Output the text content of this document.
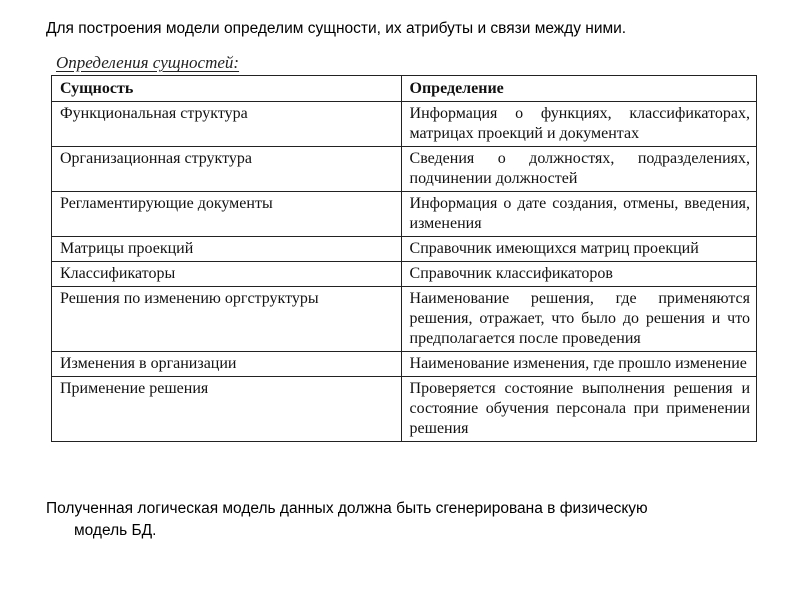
Для построения модели определим сущности, их атрибуты и связи между ними.
Определения сущностей:
Сущность	Определение
Функциональная структура	Информация о функциях, классификаторах, матрицах проекций и документах
Организационная структура	Сведения о должностях, подразделениях, подчинении должностей
Регламентирующие документы	Информация о дате создания, отмены, введения, изменения
Матрицы проекций	Справочник имеющихся матриц проекций
Классификаторы	Справочник классификаторов
Решения по изменению оргструктуры	Наименование решения, где применяются решения, отражает, что было до решения и что предполагается после проведения
Изменения в организации	Наименование изменения, где прошло изменение
Применение решения	Проверяется состояние выполнения решения и состояние обучения персонала при применении решения
Полученная логическая модель данных должна быть сгенерирована в физическую
модель БД.
